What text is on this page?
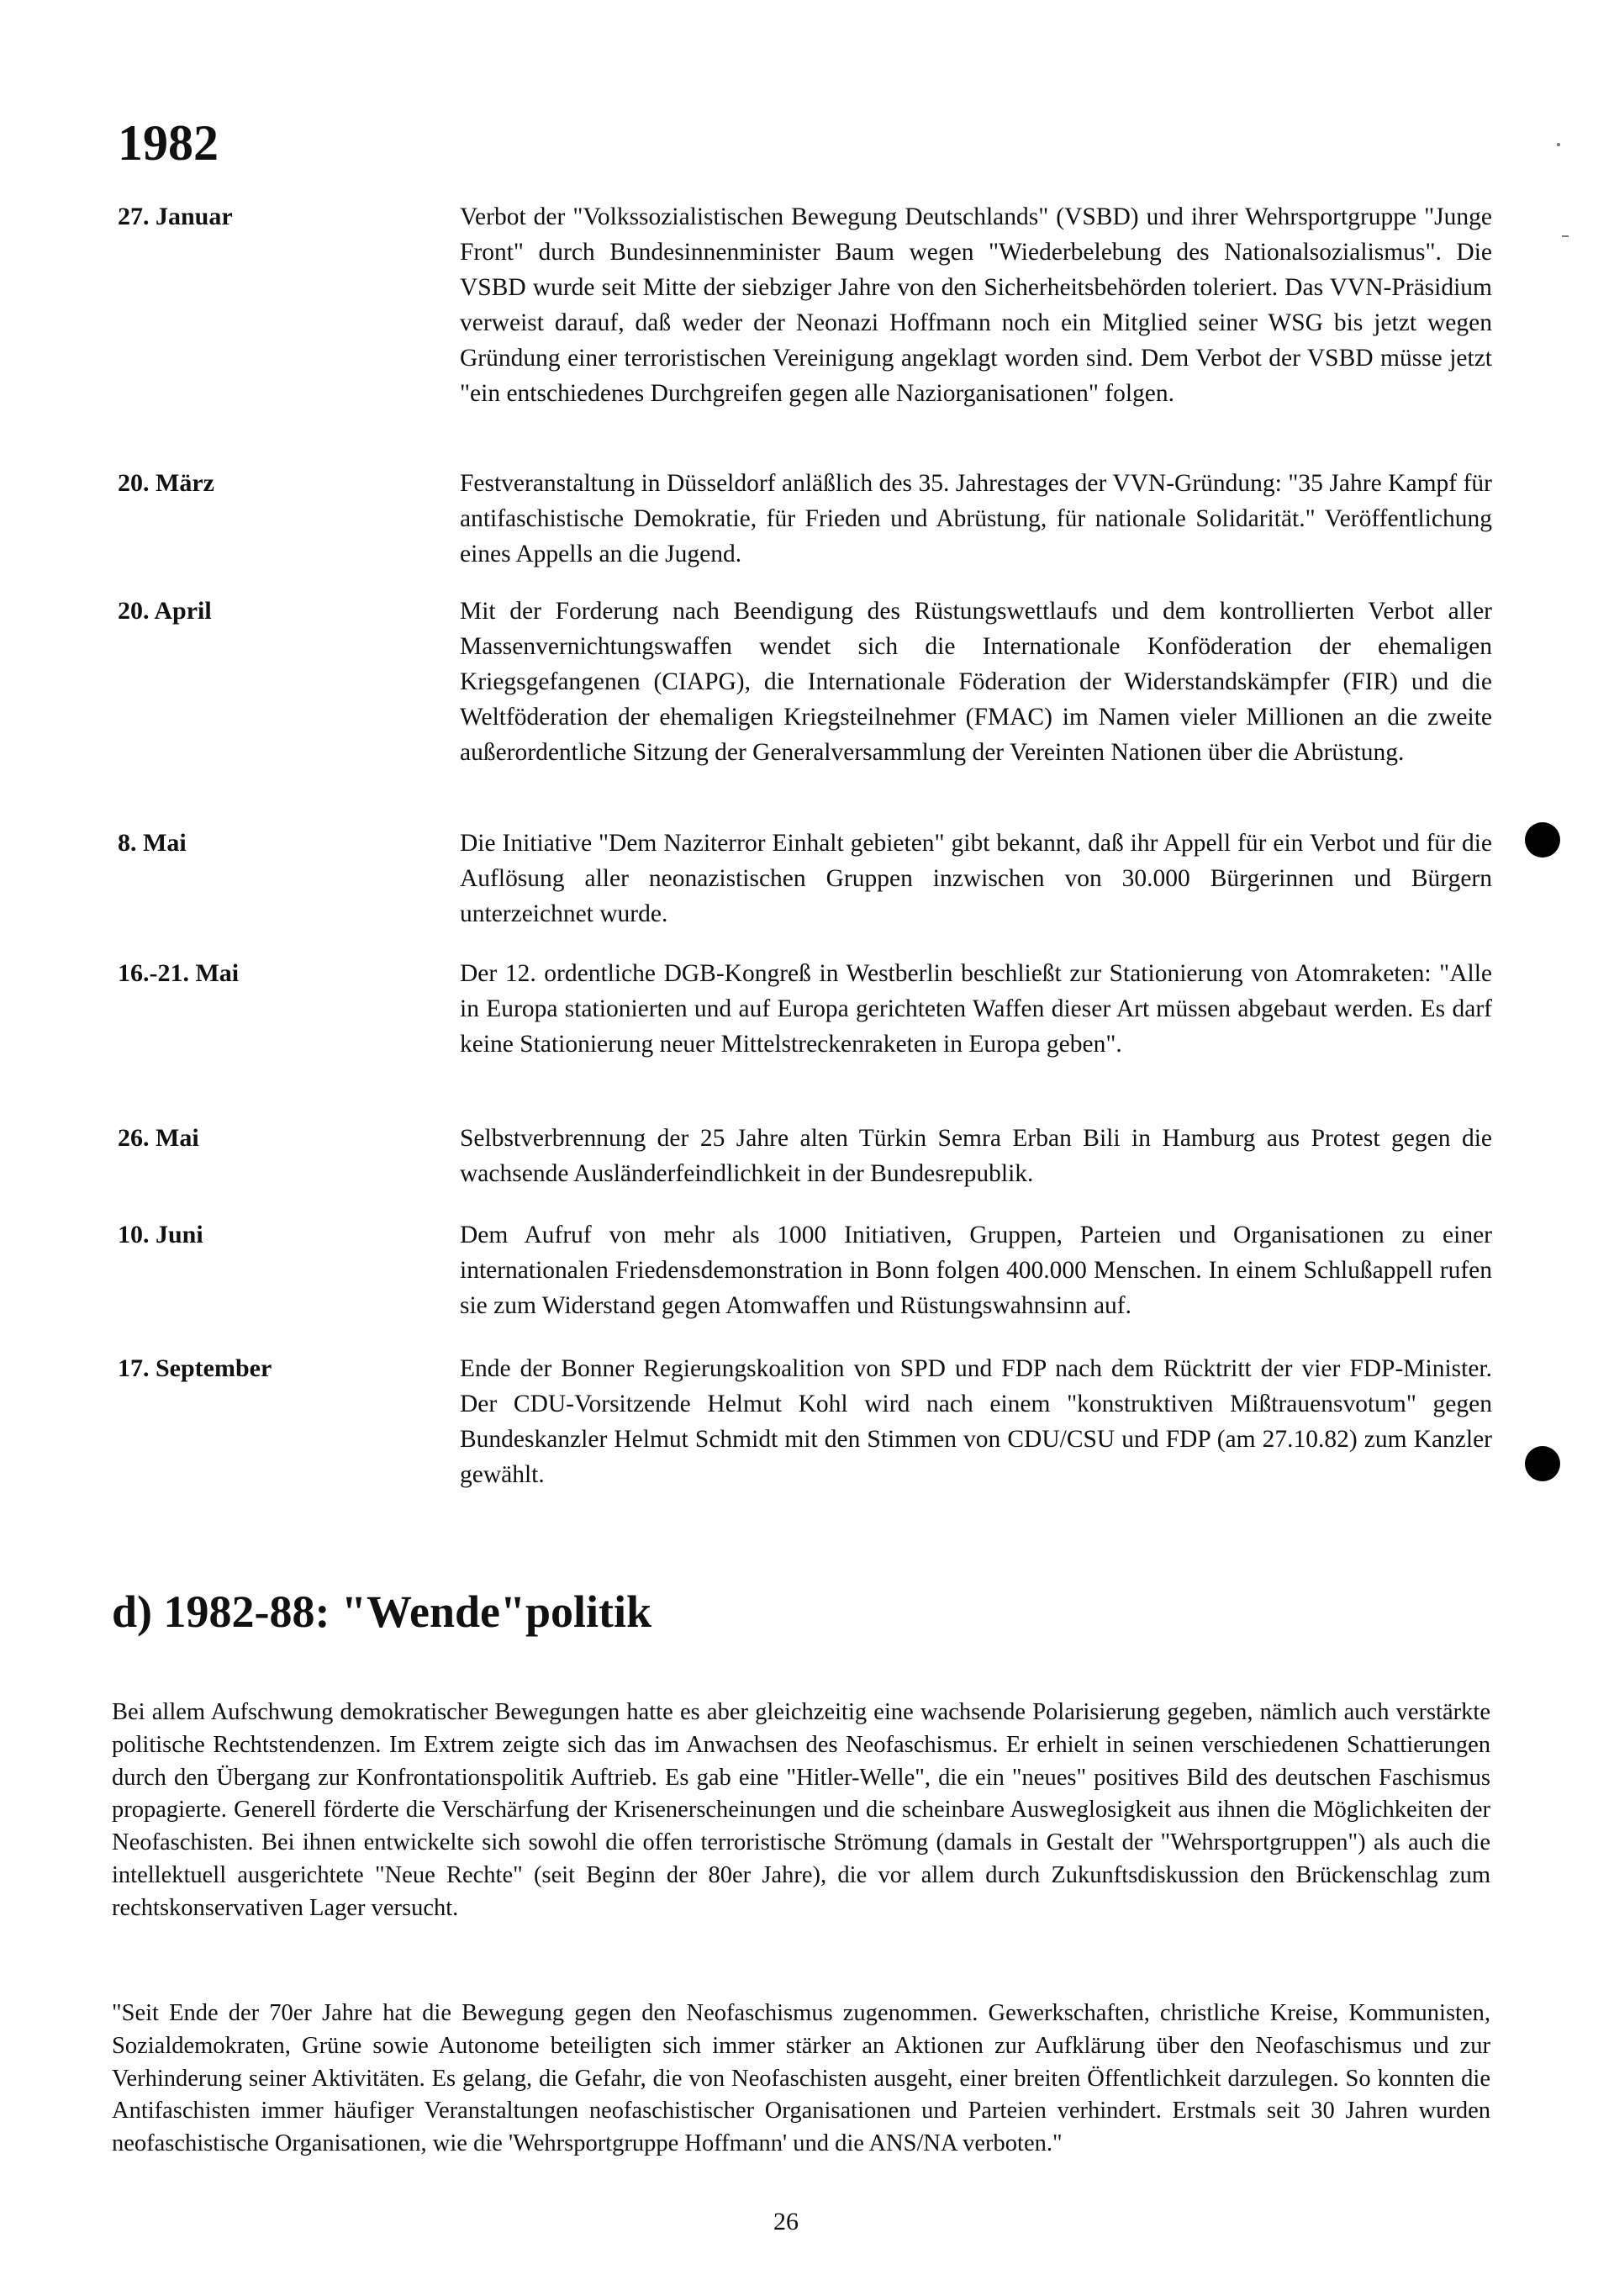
1982
27. Januar	Verbot der "Volkssozialistischen Bewegung Deutschlands" (VSBD) und ihrer Wehrsportgruppe "Junge Front" durch Bundesinnenminister Baum wegen "Wiederbelebung des Nationalsozialismus". Die VSBD wurde seit Mitte der siebziger Jahre von den Sicherheitsbehörden toleriert. Das VVN-Präsidium verweist darauf, daß weder der Neonazi Hoffmann noch ein Mitglied seiner WSG bis jetzt wegen Gründung einer terroristischen Vereinigung angeklagt worden sind. Dem Verbot der VSBD müsse jetzt "ein entschiedenes Durchgreifen gegen alle Naziorganisationen" folgen.
20. März	Festveranstaltung in Düsseldorf anläßlich des 35. Jahrestages der VVN-Gründung: "35 Jahre Kampf für antifaschistische Demokratie, für Frieden und Abrüstung, für nationale Solidarität." Veröffentlichung eines Appells an die Jugend.
20. April	Mit der Forderung nach Beendigung des Rüstungswettlaufs und dem kontrollierten Verbot aller Massenvernichtungswaffen wendet sich die Internationale Konföderation der ehemaligen Kriegsgefangenen (CIAPG), die Internationale Föderation der Widerstandskämpfer (FIR) und die Weltföderation der ehemaligen Kriegsteilnehmer (FMAC) im Namen vieler Millionen an die zweite außerordentliche Sitzung der Generalversammlung der Vereinten Nationen über die Abrüstung.
8. Mai	Die Initiative "Dem Naziterror Einhalt gebieten" gibt bekannt, daß ihr Appell für ein Verbot und für die Auflösung aller neonazistischen Gruppen inzwischen von 30.000 Bürgerinnen und Bürgern unterzeichnet wurde.
16.-21. Mai	Der 12. ordentliche DGB-Kongreß in Westberlin beschließt zur Stationierung von Atomraketen: "Alle in Europa stationierten und auf Europa gerichteten Waffen dieser Art müssen abgebaut werden. Es darf keine Stationierung neuer Mittelstreckenraketen in Europa geben".
26. Mai	Selbstverbrennung der 25 Jahre alten Türkin Semra Erban Bili in Hamburg aus Protest gegen die wachsende Ausländerfeindlichkeit in der Bundesrepublik.
10. Juni	Dem Aufruf von mehr als 1000 Initiativen, Gruppen, Parteien und Organisationen zu einer internationalen Friedensdemonstration in Bonn folgen 400.000 Menschen. In einem Schlußappell rufen sie zum Widerstand gegen Atomwaffen und Rüstungswahnsinn auf.
17. September	Ende der Bonner Regierungskoalition von SPD und FDP nach dem Rücktritt der vier FDP-Minister. Der CDU-Vorsitzende Helmut Kohl wird nach einem "konstruktiven Mißtrauensvotum" gegen Bundeskanzler Helmut Schmidt mit den Stimmen von CDU/CSU und FDP (am 27.10.82) zum Kanzler gewählt.
d) 1982-88: "Wende"politik
Bei allem Aufschwung demokratischer Bewegungen hatte es aber gleichzeitig eine wachsende Polarisierung gegeben, nämlich auch verstärkte politische Rechtstendenzen. Im Extrem zeigte sich das im Anwachsen des Neofaschismus. Er erhielt in seinen verschiedenen Schattierungen durch den Übergang zur Konfrontationspolitik Auftrieb. Es gab eine "Hitler-Welle", die ein "neues" positives Bild des deutschen Faschismus propagierte. Generell förderte die Verschärfung der Krisenerscheinungen und die scheinbare Ausweglosigkeit aus ihnen die Möglichkeiten der Neofaschisten. Bei ihnen entwickelte sich sowohl die offen terroristische Strömung (damals in Gestalt der "Wehrsportgruppen") als auch die intellektuell ausgerichtete "Neue Rechte" (seit Beginn der 80er Jahre), die vor allem durch Zukunftsdiskussion den Brückenschlag zum rechtskonservativen Lager versucht.
"Seit Ende der 70er Jahre hat die Bewegung gegen den Neofaschismus zugenommen. Gewerkschaften, christliche Kreise, Kommunisten, Sozialdemokraten, Grüne sowie Autonome beteiligten sich immer stärker an Aktionen zur Aufklärung über den Neofaschismus und zur Verhinderung seiner Aktivitäten. Es gelang, die Gefahr, die von Neofaschisten ausgeht, einer breiten Öffentlichkeit darzulegen. So konnten die Antifaschisten immer häufiger Veranstaltungen neofaschistischer Organisationen und Parteien verhindert. Erstmals seit 30 Jahren wurden neofaschistische Organisationen, wie die 'Wehrsportgruppe Hoffmann' und die ANS/NA verboten."
26
